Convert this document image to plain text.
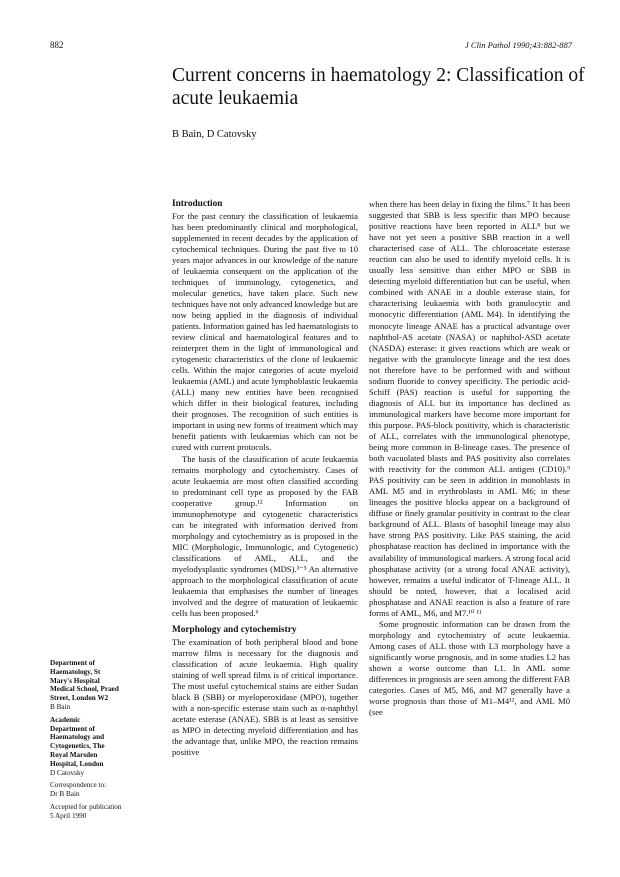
882	J Clin Pathol 1990;43:882-887
Current concerns in haematology 2: Classification of acute leukaemia
B Bain, D Catovsky
Department of
Haematology, St
Mary's Hospital
Medical School, Praed
Street, London W2
B Bain
Academic
Department of
Haematology and
Cytogenetics, The
Royal Marsden
Hospital, London
D Catovsky
Correspondence to:
Dr B Bain
Accepted for publication
5 April 1990
Introduction

For the past century the classification of leukaemia has been predominantly clinical and morphological, supplemented in recent decades by the application of cytochemical techniques. During the past five to 10 years major advances in our knowledge of the nature of leukaemia consequent on the application of the techniques of immunology, cytogenetics, and molecular genetics, have taken place. Such new techniques have not only advanced knowledge but are now being applied in the diagnosis of individual patients. Information gained has led haematologists to review clinical and haematological features and to reinterpret them in the light of immunological and cytogenetic characteristics of the clone of leukaemic cells. Within the major categories of acute myeloid leukaemia (AML) and acute lymphoblastic leukaemia (ALL) many new entities have been recognised which differ in their biological features, including their prognoses. The recognition of such entities is important in using new forms of treatment which may benefit patients with leukaemias which can not be cured with current protocols.

The basis of the classification of acute leukaemia remains morphology and cytochemistry. Cases of acute leukaemia are most often classified according to predominant cell type as proposed by the FAB cooperative group.¹² Information on immunophenotype and cytogenetic characteristics can be integrated with information derived from morphology and cytochemistry as is proposed in the MIC (Morphologic, Immunologic, and Cytogenetic) classifications of AML, ALL, and the myelodysplastic syndromes (MDS).³⁻⁵ An alternative approach to the morphological classification of acute leukaemia that emphasises the number of lineages involved and the degree of maturation of leukaemic cells has been proposed.⁶

Morphology and cytochemistry

The examination of both peripheral blood and bone marrow films is necessary for the diagnosis and classification of acute leukaemia. High quality staining of well spread films is of critical importance. The most useful cytochemical stains are either Sudan black B (SBB) or myeloperoxidase (MPO), together with a non-specific esterase stain such as α-naphthyl acetate esterase (ANAE). SBB is at least as sensitive as MPO in detecting myeloid differentiation and has the advantage that, unlike MPO, the reaction remains positive

when there has been delay in fixing the films.⁷ It has been suggested that SBB is less specific than MPO because positive reactions have been reported in ALL⁸ but we have not yet seen a positive SBB reaction in a well characterised case of ALL. The chloroacetate esterase reaction can also be used to identify myeloid cells. It is usually less sensitive than either MPO or SBB in detecting myeloid differentiation but can be useful, when combined with ANAE in a double esterase stain, for characterising leukaemia with both granulocytic and monocytic differentiation (AML M4). In identifying the monocyte lineage ANAE has a practical advantage over naphthol-AS acetate (NASA) or naphthol-ASD acetate (NASDA) esterase: it gives reactions which are weak or negative with the granulocyte lineage and the test does not therefore have to be performed with and without sodium fluoride to convey specificity. The periodic acid-Schiff (PAS) reaction is useful for supporting the diagnosis of ALL but its importance has declined as immunological markers have become more important for this purpose. PAS-block positivity, which is characteristic of ALL, correlates with the immunological phenotype, being more common in B-lineage cases. The presence of both vacuolated blasts and PAS positivity also correlates with reactivity for the common ALL antigen (CD10).⁹ PAS positivity can be seen in addition in monoblasts in AML M5 and in erythroblasts in AML M6; in these lineages the positive blocks appear on a background of diffuse or finely granular positivity in contrast to the clear background of ALL. Blasts of basophil lineage may also have strong PAS positivity. Like PAS staining, the acid phosphatase reaction has declined in importance with the availability of immunological markers. A strong focal acid phosphatase activity (or a strong focal ANAE activity), however, remains a useful indicator of T-lineage ALL. It should be noted, however, that a localised acid phosphatase and ANAE reaction is also a feature of rare forms of AML, M6, and M7.¹⁰ ¹¹

Some prognostic information can be drawn from the morphology and cytochemistry of acute leukaemia. Among cases of ALL those with L3 morphology have a significantly worse prognosis, and in some studies L2 has shown a worse outcome than L1. In AML some differences in prognosis are seen among the different FAB categories. Cases of M5, M6, and M7 generally have a worse prognosis than those of M1–M4¹², and AML M0 (see
